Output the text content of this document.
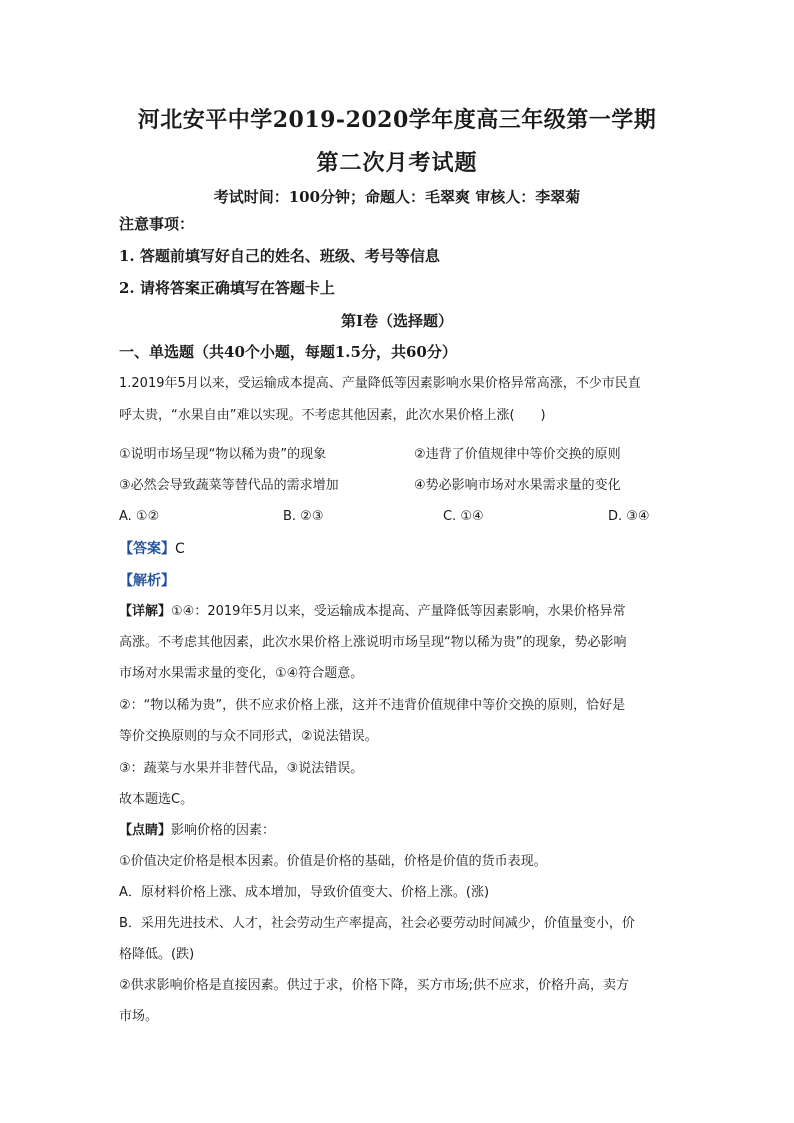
河北安平中学2019-2020学年度高三年级第一学期
第二次月考试题
考试时间：100分钟；命题人：毛翠爽 审核人：李翠菊
注意事项：
1. 答题前填写好自己的姓名、班级、考号等信息
2. 请将答案正确填写在答题卡上
第I卷（选择题）
一、单选题（共40个小题，每题1.5分，共60分）
1.2019年5月以来，受运输成本提高、产量降低等因素影响水果价格异常高涨，不少市民直
呼太贵，“水果自由”难以实现。不考虑其他因素，此次水果价格上涨(　　)
①说明市场呈现“物以稀为贵”的现象	②违背了价值规律中等价交换的原则
③必然会导致蔬菜等替代品的需求增加	④势必影响市场对水果需求量的变化
A. ①②	B. ②③	C. ①④	D. ③④
【答案】C
【解析】
【详解】①④：2019年5月以来，受运输成本提高、产量降低等因素影响，水果价格异常
高涨。不考虑其他因素，此次水果价格上涨说明市场呈现“物以稀为贵”的现象，势必影响
市场对水果需求量的变化，①④符合题意。
②：“物以稀为贵”，供不应求价格上涨，这并不违背价值规律中等价交换的原则，恰好是
等价交换原则的与众不同形式，②说法错误。
③：蔬菜与水果并非替代品，③说法错误。
故本题选C。
【点睛】影响价格的因素：
①价值决定价格是根本因素。价值是价格的基础，价格是价值的货币表现。
A．原材料价格上涨、成本增加，导致价值变大、价格上涨。(涨)
B．采用先进技术、人才，社会劳动生产率提高，社会必要劳动时间减少，价值量变小，价
格降低。(跌)
②供求影响价格是直接因素。供过于求，价格下降，买方市场;供不应求，价格升高，卖方
市场。
